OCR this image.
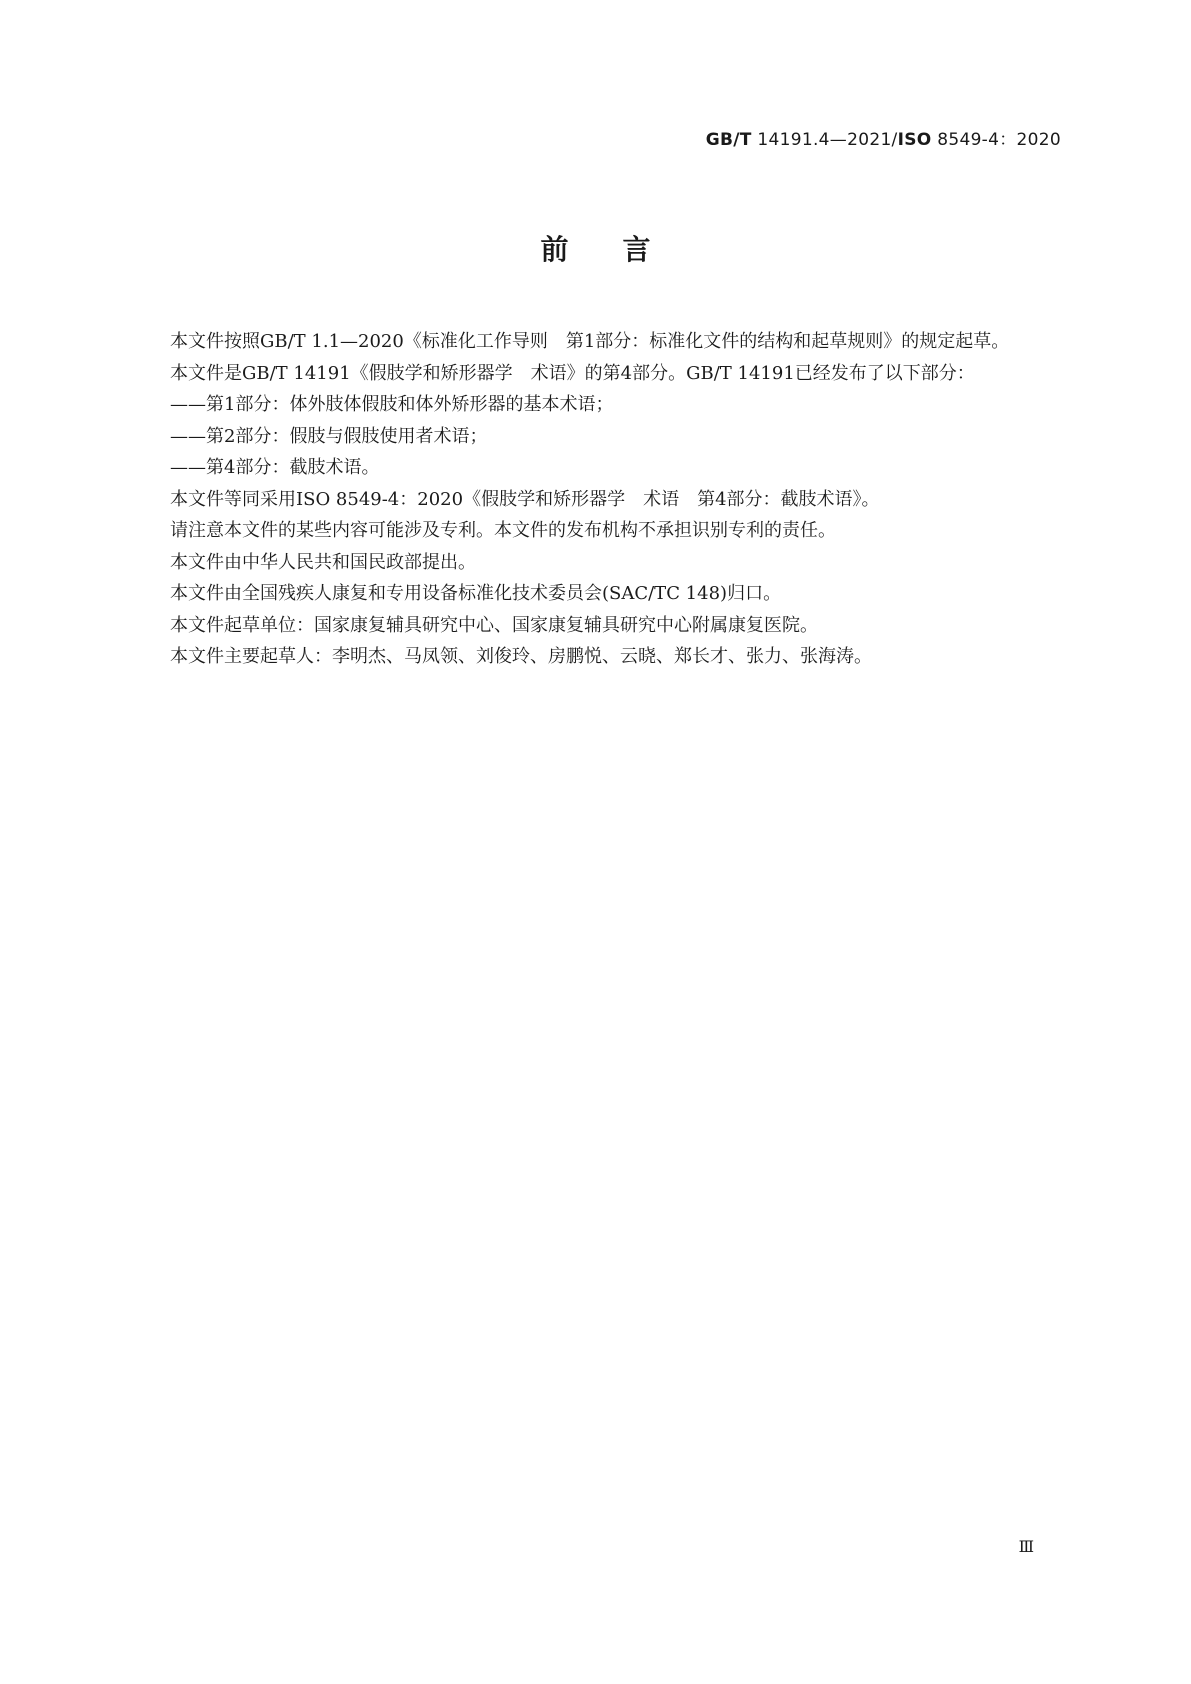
GB/T 14191.4—2021/ISO 8549-4：2020
前言

本文件按照GB/T 1.1—2020《标准化工作导则　第1部分：标准化文件的结构和起草规则》的规定起草。

本文件是GB/T 14191《假肢学和矫形器学　术语》的第4部分。GB/T 14191已经发布了以下部分：

——第1部分：体外肢体假肢和体外矫形器的基本术语；

——第2部分：假肢与假肢使用者术语；

——第4部分：截肢术语。

本文件等同采用ISO 8549-4：2020《假肢学和矫形器学　术语　第4部分：截肢术语》。

请注意本文件的某些内容可能涉及专利。本文件的发布机构不承担识别专利的责任。

本文件由中华人民共和国民政部提出。

本文件由全国残疾人康复和专用设备标准化技术委员会(SAC/TC 148)归口。

本文件起草单位：国家康复辅具研究中心、国家康复辅具研究中心附属康复医院。

本文件主要起草人：李明杰、马凤领、刘俊玲、房鹏悦、云晓、郑长才、张力、张海涛。

Ⅲ
